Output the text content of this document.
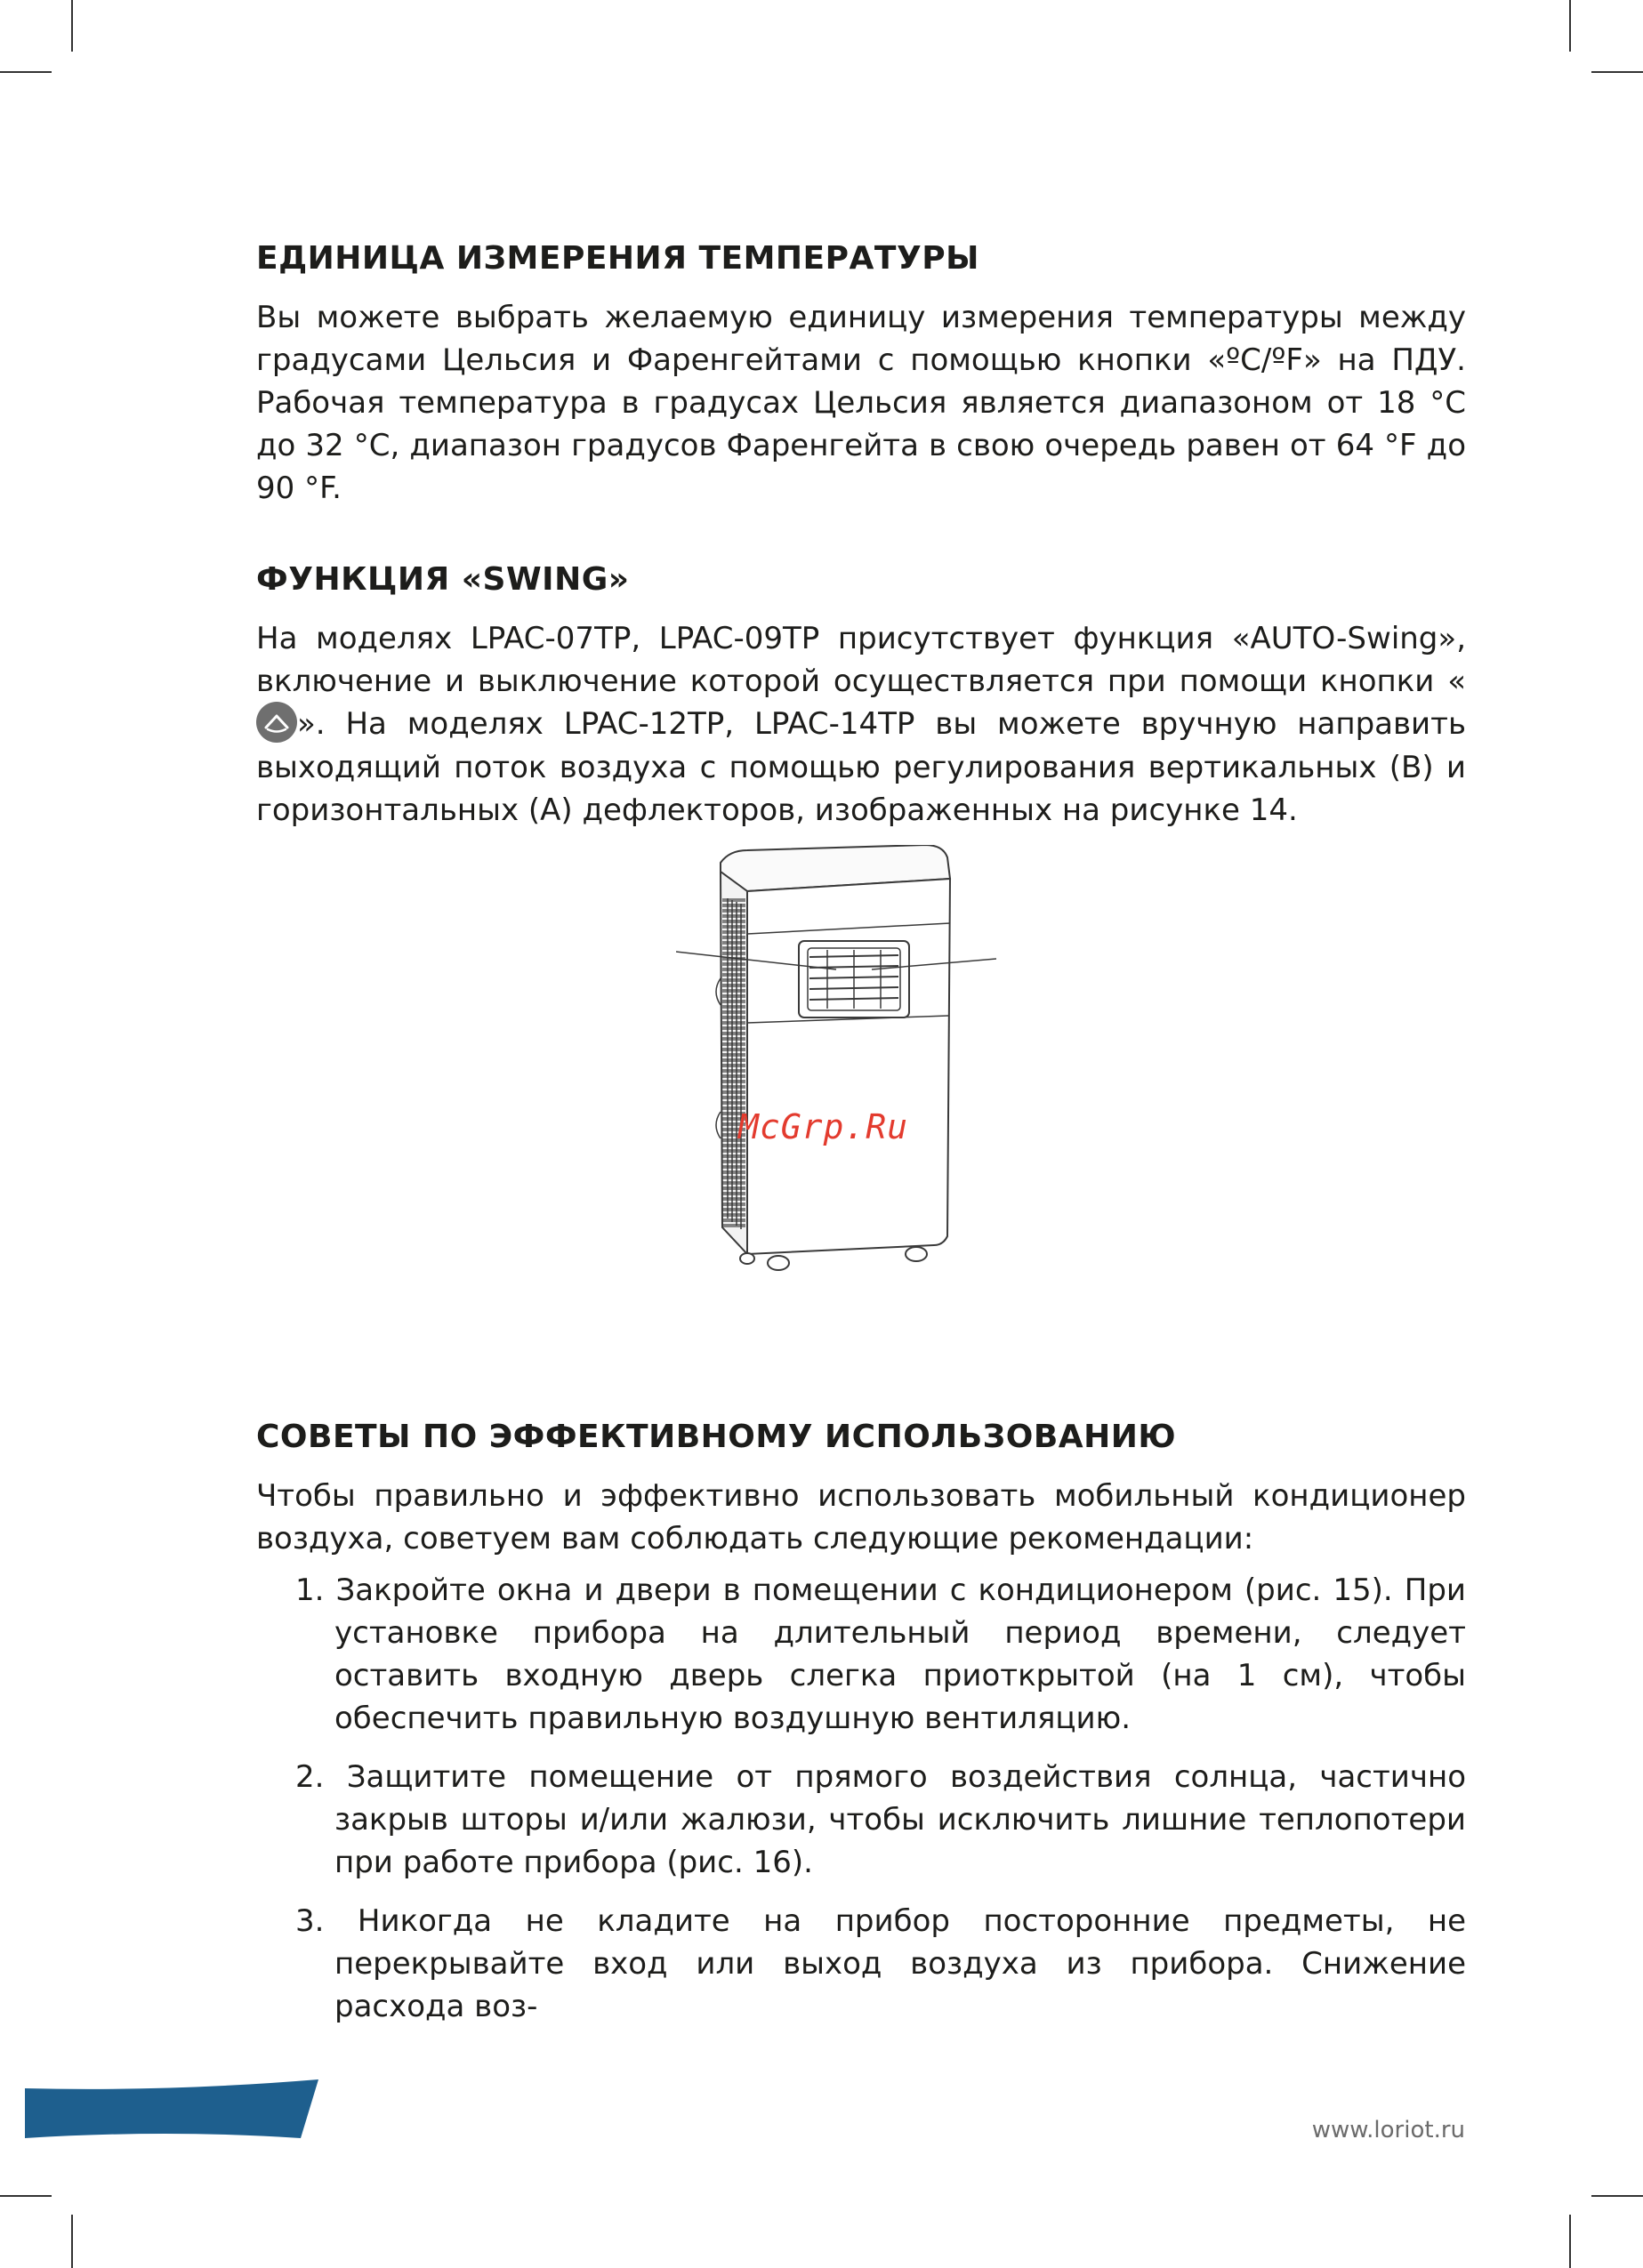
ЕДИНИЦА ИЗМЕРЕНИЯ ТЕМПЕРАТУРЫ

Вы можете выбрать желаемую единицу измерения температуры между градусами Цельсия и Фаренгейтами с помощью кнопки «ºC/ºF» на ПДУ. Рабочая температура в градусах Цельсия является диапазоном от 18 °C до 32 °C, диапазон градусов Фаренгейта в свою очередь равен от 64 °F до 90 °F.

ФУНКЦИЯ «SWING»

На моделях LPAC-07TP, LPAC-09TP присутствует функция «AUTO-Swing», включение и выключение которой осуществляется при помощи кнопки «
». На моделях LPAC-12TP, LPAC-14TP вы можете вручную направить выходящий поток воздуха с помощью регулирования вертикальных (В) и горизонтальных (А) дефлекторов, изображенных на рисунке 14.

СОВЕТЫ ПО ЭФФЕКТИВНОМУ ИСПОЛЬЗОВАНИЮ

Чтобы правильно и эффективно использовать мобильный кондиционер воздуха, советуем вам соблюдать следующие рекомендации:

1. Закройте окна и двери в помещении с кондиционером (рис. 15). При установке прибора на длительный период времени, следует оставить входную дверь слегка приоткрытой (на 1 см), чтобы обеспечить правильную воздушную вентиляцию.
2. Защитите помещение от прямого воздействия солнца, частично закрыв шторы и/или жалюзи, чтобы исключить лишние теплопотери при работе прибора (рис. 16).
3. Никогда не кладите на прибор посторонние предметы, не перекрывайте вход или выход воздуха из прибора. Снижение расхода воз-
McGrp.Ru
www.loriot.ru
